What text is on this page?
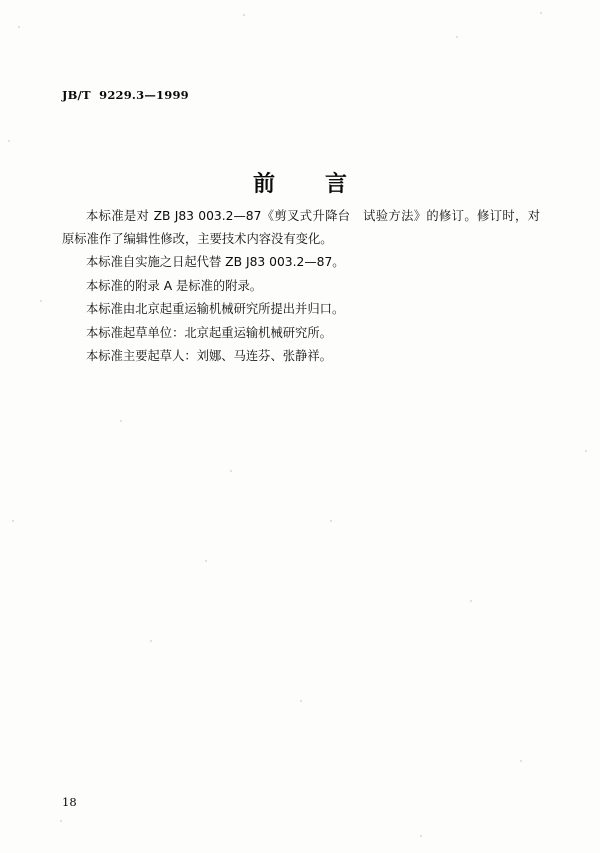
JB/T  9229.3—1999
前　言

本标准是对 ZB J83 003.2—87《剪叉式升降台　试验方法》的修订。修订时，对原标准作了编辑性修改，主要技术内容没有变化。

本标准自实施之日起代替 ZB J83 003.2—87。

本标准的附录 A 是标准的附录。

本标准由北京起重运输机械研究所提出并归口。

本标准起草单位：北京起重运输机械研究所。

本标准主要起草人：刘娜、马连芬、张静祥。

18
